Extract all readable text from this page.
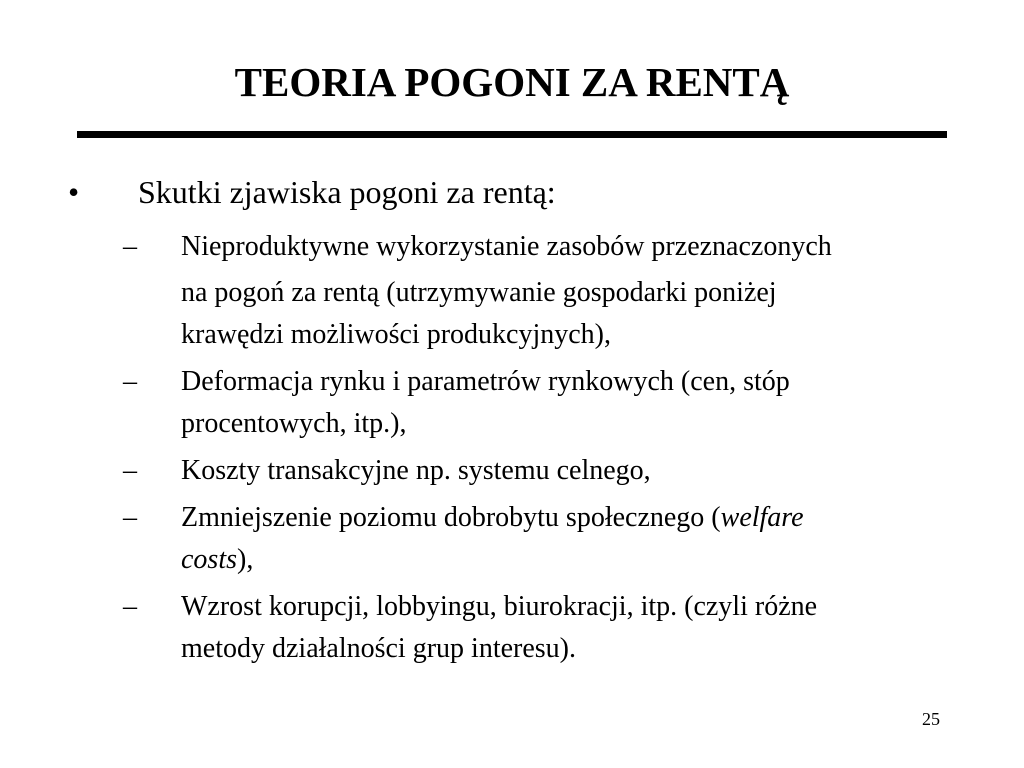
TEORIA POGONI ZA RENTĄ
•	Skutki zjawiska pogoni za rentą:
–	Nieproduktywne wykorzystanie zasobów przeznaczonych
na pogoń za rentą (utrzymywanie gospodarki poniżej
krawędzi możliwości produkcyjnych),
–	Deformacja rynku i parametrów rynkowych (cen, stóp
procentowych, itp.),
–	Koszty transakcyjne np. systemu celnego,
–	Zmniejszenie poziomu dobrobytu społecznego (welfare
costs),
–	Wzrost korupcji, lobbyingu, biurokracji, itp. (czyli różne
metody działalności grup interesu).
25
